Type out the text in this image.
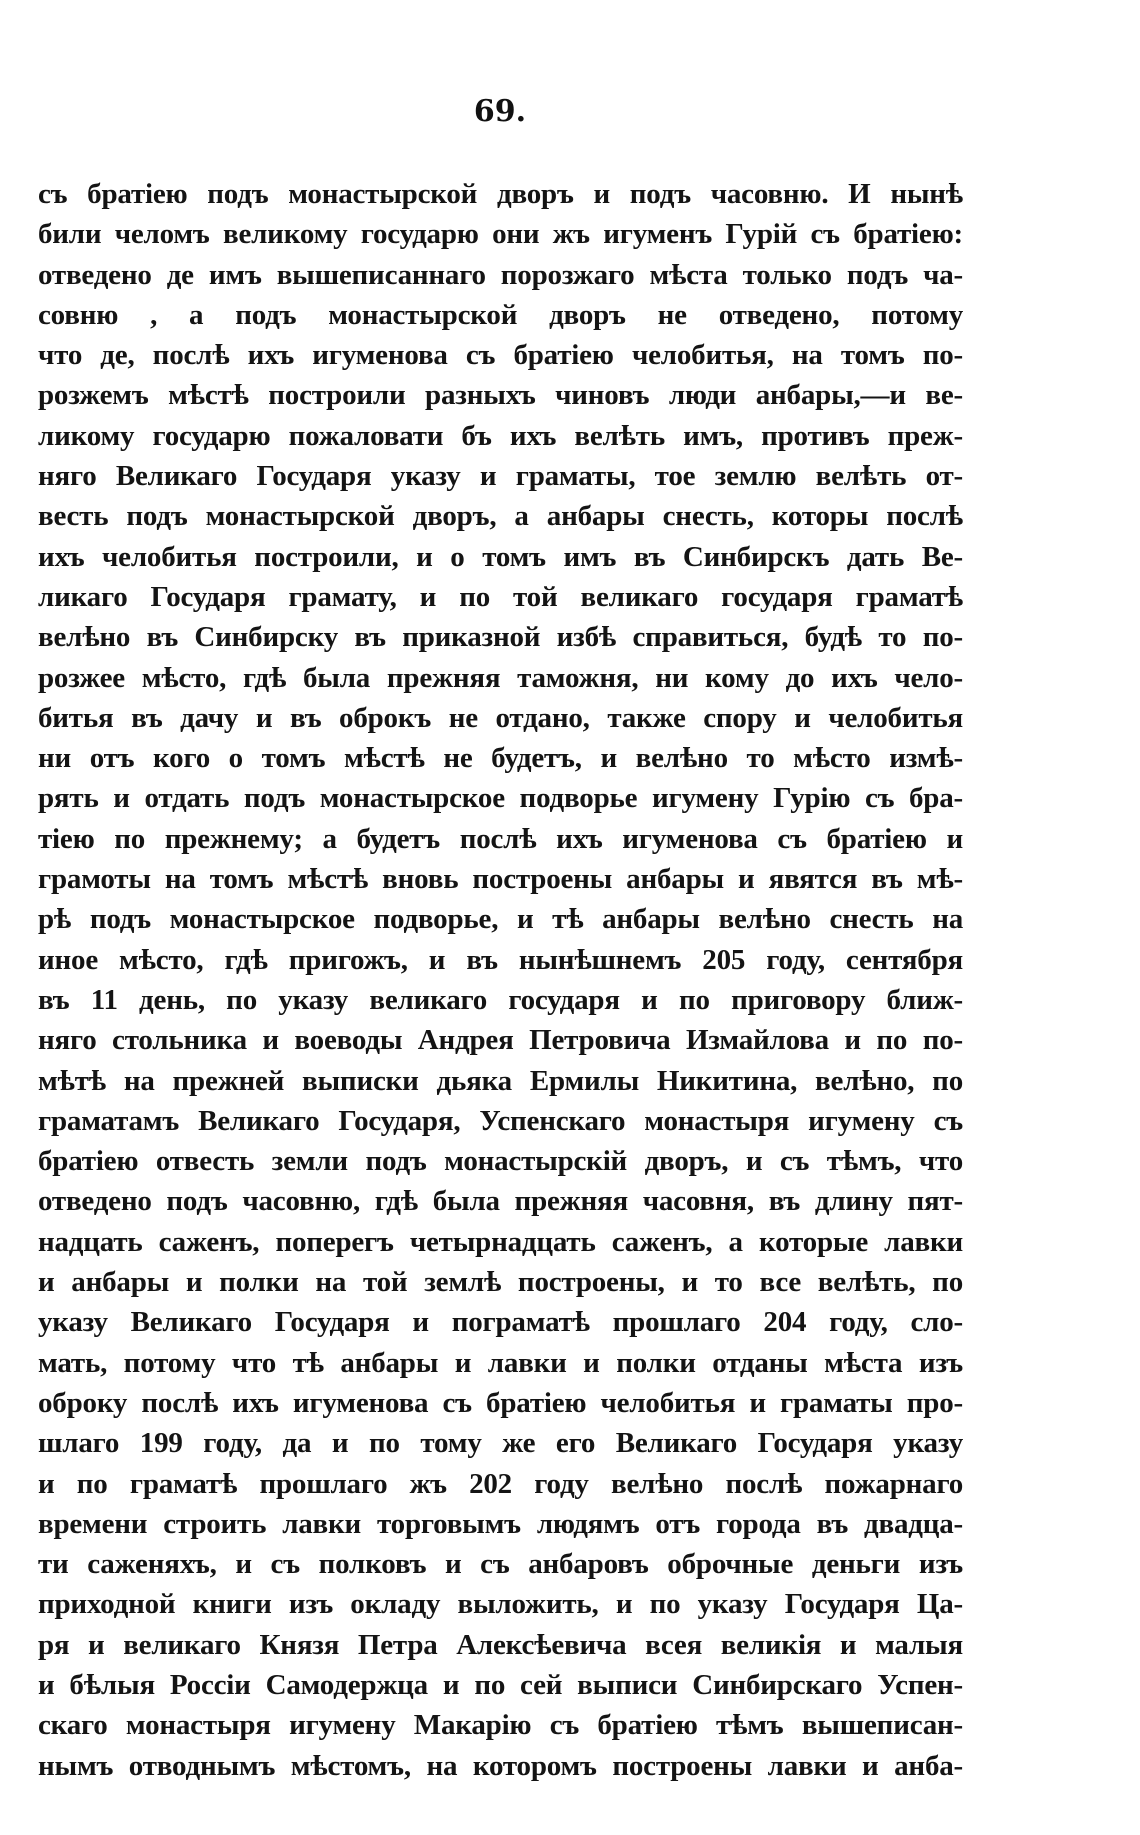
69.
съ братіею подъ монастырской дворъ и подъ часовню. И нынѣ
били челомъ великому государю они жъ игуменъ Гурій съ братіею:
отведено де имъ вышеписаннаго порозжаго мѣста только подъ ча-
совню , а подъ монастырской дворъ не отведено, потому
что де, послѣ ихъ игуменова съ братіею челобитья, на томъ по-
розжемъ мѣстѣ построили разныхъ чиновъ люди анбары,—и ве-
ликому государю пожаловати бъ ихъ велѣть имъ, противъ преж-
няго Великаго Государя указу и граматы, тое землю велѣть от-
весть подъ монастырской дворъ, а анбары снесть, которы послѣ
ихъ челобитья построили, и о томъ имъ въ Синбирскъ дать Ве-
ликаго Государя грамату, и по той великаго государя граматѣ
велѣно въ Синбирску въ приказной избѣ справиться, будѣ то по-
розжее мѣсто, гдѣ была прежняя таможня, ни кому до ихъ чело-
битья въ дачу и въ оброкъ не отдано, также спору и челобитья
ни отъ кого о томъ мѣстѣ не будетъ, и велѣно то мѣсто измѣ-
рять и отдать подъ монастырское подворье игумену Гурію съ бра-
тіею по прежнему; а будетъ послѣ ихъ игуменова съ братіею и
грамоты на томъ мѣстѣ вновь построены анбары и явятся въ мѣ-
рѣ подъ монастырское подворье, и тѣ анбары велѣно снесть на
иное мѣсто, гдѣ пригожъ, и въ нынѣшнемъ 205 году, сентября
въ 11 день, по указу великаго государя и по приговору ближ-
няго стольника и воеводы Андрея Петровича Измайлова и по по-
мѣтѣ на прежней выписки дьяка Ермилы Никитина, велѣно, по
граматамъ Великаго Государя, Успенскаго монастыря игумену съ
братіею отвесть земли подъ монастырскій дворъ, и съ тѣмъ, что
отведено подъ часовню, гдѣ была прежняя часовня, въ длину пят-
надцать саженъ, поперегъ четырнадцать саженъ, а которые лавки
и анбары и полки на той землѣ построены, и то все велѣть, по
указу Великаго Государя и пограматѣ прошлаго 204 году, сло-
мать, потому что тѣ анбары и лавки и полки отданы мѣста изъ
оброку послѣ ихъ игуменова съ братіею челобитья и граматы про-
шлаго 199 году, да и по тому же его Великаго Государя указу
и по граматѣ прошлаго жъ 202 году велѣно послѣ пожарнаго
времени строить лавки торговымъ людямъ отъ города въ двадца-
ти саженяхъ, и съ полковъ и съ анбаровъ оброчные деньги изъ
приходной книги изъ окладу выложить, и по указу Государя Ца-
ря и великаго Князя Петра Алексѣевича всея великія и малыя
и бѣлыя Россіи Самодержца и по сей выписи Синбирскаго Успен-
скаго монастыря игумену Макарію съ братіею тѣмъ вышеписан-
нымъ отводнымъ мѣстомъ, на которомъ построены лавки и анба-
